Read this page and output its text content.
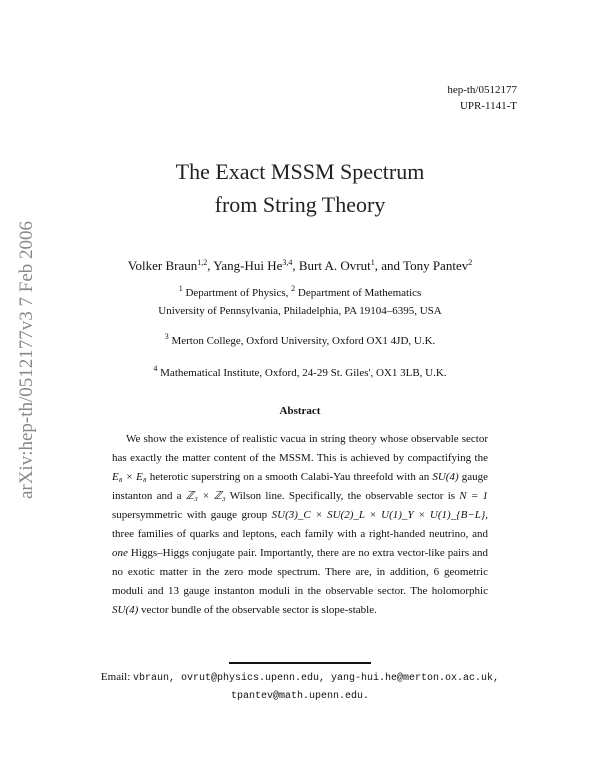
arXiv:hep-th/0512177v3 7 Feb 2006
hep-th/0512177
UPR-1141-T
The Exact MSSM Spectrum
from String Theory
Volker Braun$^{1,2}$, Yang-Hui He$^{3,4}$, Burt A. Ovrut$^1$, and Tony Pantev$^2$
$^1$ Department of Physics, $^2$ Department of Mathematics
University of Pennsylvania, Philadelphia, PA 19104–6395, USA
$^3$ Merton College, Oxford University, Oxford OX1 4JD, U.K.
$^4$ Mathematical Institute, Oxford, 24-29 St. Giles', OX1 3LB, U.K.
Abstract

We show the existence of realistic vacua in string theory whose observable sector has exactly the matter content of the MSSM. This is achieved by compactifying the E₈ × E₈ heterotic superstring on a smooth Calabi-Yau threefold with an SU(4) gauge instanton and a ℤ₃ × ℤ₃ Wilson line. Specifically, the observable sector is N = 1 supersymmetric with gauge group SU(3)_C × SU(2)_L × U(1)_Y × U(1)_{B−L}, three families of quarks and leptons, each family with a right-handed neutrino, and one Higgs–Higgs conjugate pair. Importantly, there are no extra vector-like pairs and no exotic matter in the zero mode spectrum. There are, in addition, 6 geometric moduli and 13 gauge instanton moduli in the observable sector. The holomorphic SU(4) vector bundle of the observable sector is slope-stable.

Email: vbraun, ovrut@physics.upenn.edu, yang-hui.he@merton.ox.ac.uk,
tpantev@math.upenn.edu.
